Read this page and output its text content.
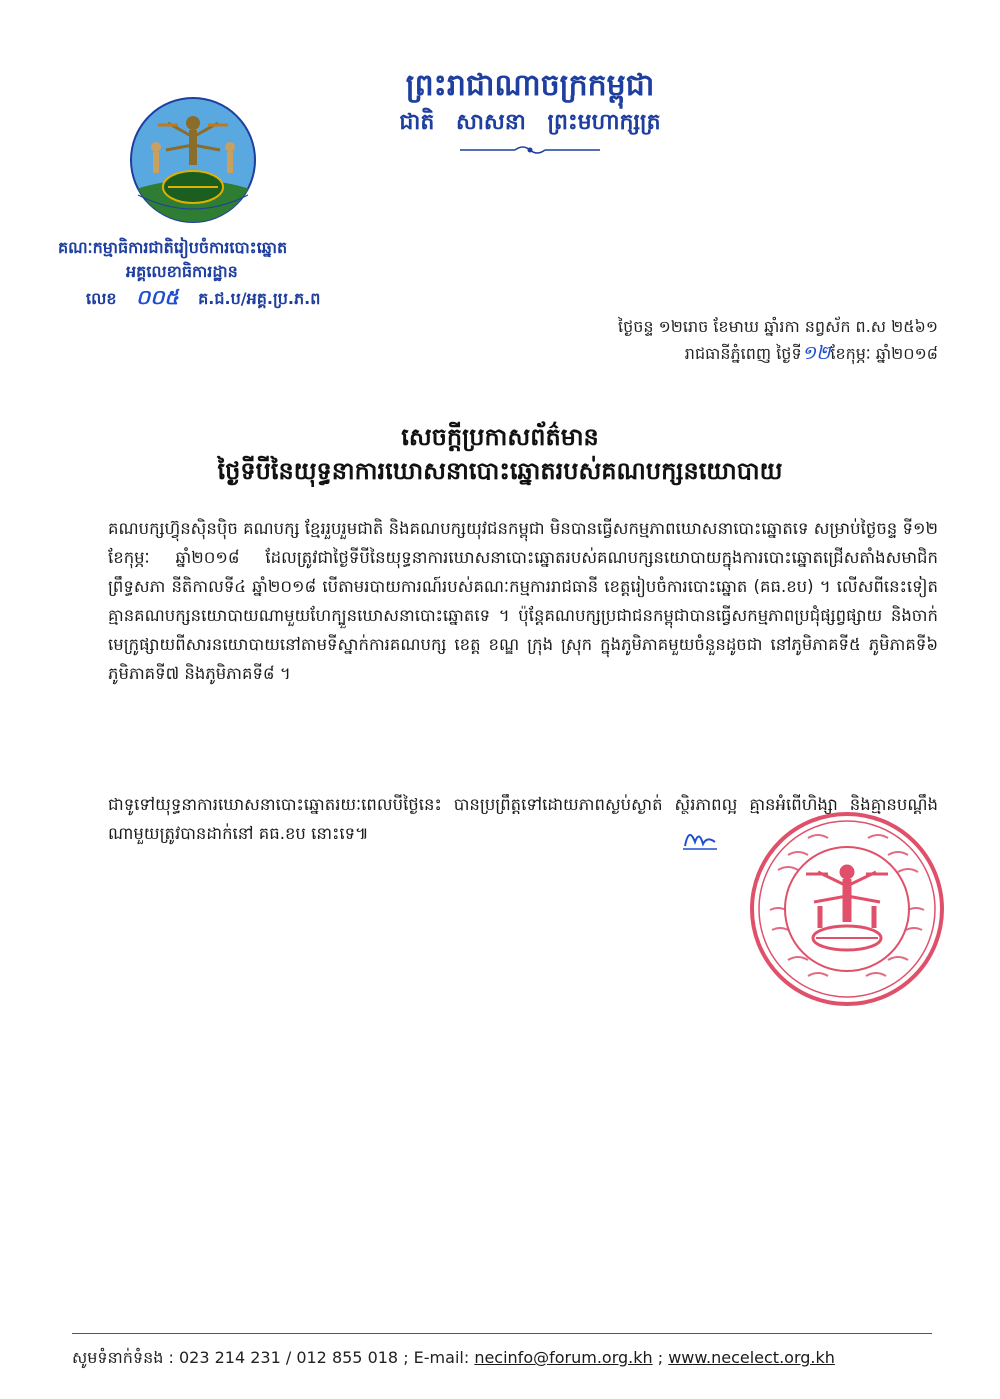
ព្រះរាជាណាចក្រកម្ពុជា
ជាតិ សាសនា ព្រះមហាក្សត្រ
គណៈកម្មាធិការជាតិរៀបចំការបោះឆ្នោត
អគ្គលេខាធិការដ្ឋាន
លេខ ០០៥ គ.ជ.ប/អគ្គ.ប្រ.ភ.ព
ថ្ងៃចន្ទ ១២រោច ខែមាឃ ឆ្នាំរកា នព្វស័ក ព.ស ២៥៦១
រាជធានីភ្នំពេញ ថ្ងៃទី១២ខែកុម្ភៈ ឆ្នាំ២០១៨
សេចក្ដីប្រកាសព័ត៌មាន
ថ្ងៃទីបីនៃយុទ្ធនាការឃោសនាបោះឆ្នោតរបស់គណបក្សនយោបាយ
គណបក្សហ៊្វុនស៊ិនប៉ិច គណបក្ស ខ្មែររួបរួមជាតិ និងគណបក្សយុវជនកម្ពុជា មិនបានធ្វើសកម្មភាពឃោសនាបោះឆ្នោតទេ សម្រាប់ថ្ងៃចន្ទ ទី១២ ខែកុម្ភៈ ឆ្នាំ២០១៨ ដែលត្រូវជាថ្ងៃទីបីនៃយុទ្ធនាការឃោសនាបោះឆ្នោតរបស់គណបក្សនយោបាយក្នុងការបោះឆ្នោតជ្រើសតាំងសមាជិកព្រឹទ្ធសភា នីតិកាលទី៤ ឆ្នាំ២០១៨ បើតាមរបាយការណ៍របស់គណៈកម្មការរាជធានី ខេត្តរៀបចំការបោះឆ្នោត (គធ.ខប) ។ លើសពីនេះទៀតគ្មានគណបក្សនយោបាយណាមួយហែក្បួនឃោសនាបោះឆ្នោតទេ ។ ប៉ុន្តែគណបក្សប្រជាជនកម្ពុជាបានធ្វើសកម្មភាពប្រជុំផ្សព្វផ្សាយ និងចាក់មេក្រូផ្សាយពីសារនយោបាយនៅតាមទីស្នាក់ការគណបក្ស ខេត្ត ខណ្ឌ ក្រុង ស្រុក ក្នុងភូមិភាគមួយចំនួនដូចជា នៅភូមិភាគទី៥ ភូមិភាគទី៦ ភូមិភាគទី៧ និងភូមិភាគទី៨ ។
ជាទូទៅយុទ្ធនាការឃោសនាបោះឆ្នោតរយៈពេលបីថ្ងៃនេះ បានប្រព្រឹត្តទៅដោយភាពស្ងប់ស្ងាត់ ស្ថិរភាពល្អ គ្មានអំពើហិង្សា និងគ្មានបណ្ដឹងណាមួយត្រូវបានដាក់នៅ គធ.ខប នោះទេ៕
សូមទំនាក់ទំនង : 023 214 231 / 012 855 018 ; E-mail: necinfo@forum.org.kh ; www.necelect.org.kh
